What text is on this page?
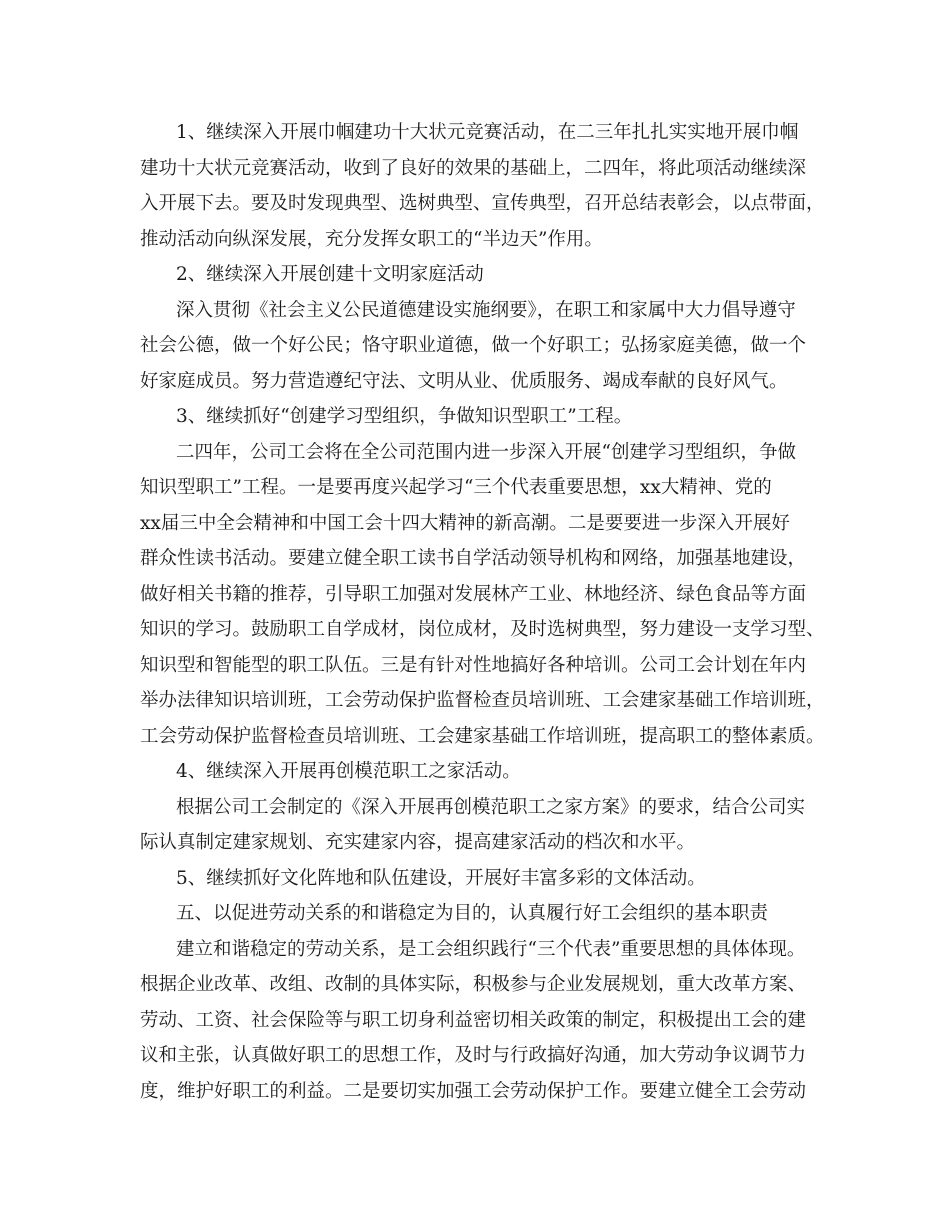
1、继续深入开展巾帼建功十大状元竞赛活动，在二三年扎扎实实地开展巾帼
建功十大状元竞赛活动，收到了良好的效果的基础上，二四年，将此项活动继续深
入开展下去。要及时发现典型、选树典型、宣传典型，召开总结表彰会，以点带面，
推动活动向纵深发展，充分发挥女职工的“半边天”作用。
2、继续深入开展创建十文明家庭活动
深入贯彻《社会主义公民道德建设实施纲要》，在职工和家属中大力倡导遵守
社会公德，做一个好公民；恪守职业道德，做一个好职工；弘扬家庭美德，做一个
好家庭成员。努力营造遵纪守法、文明从业、优质服务、竭成奉献的良好风气。
3、继续抓好“创建学习型组织，争做知识型职工”工程。
二四年，公司工会将在全公司范围内进一步深入开展“创建学习型组织，争做
知识型职工”工程。一是要再度兴起学习“三个代表重要思想，xx大精神、党的
xx届三中全会精神和中国工会十四大精神的新高潮。二是要要进一步深入开展好
群众性读书活动。要建立健全职工读书自学活动领导机构和网络，加强基地建设，
做好相关书籍的推荐，引导职工加强对发展林产工业、林地经济、绿色食品等方面
知识的学习。鼓励职工自学成材，岗位成材，及时选树典型，努力建设一支学习型、
知识型和智能型的职工队伍。三是有针对性地搞好各种培训。公司工会计划在年内
举办法律知识培训班，工会劳动保护监督检查员培训班、工会建家基础工作培训班，
工会劳动保护监督检查员培训班、工会建家基础工作培训班，提高职工的整体素质。
4、继续深入开展再创模范职工之家活动。
根据公司工会制定的《深入开展再创模范职工之家方案》的要求，结合公司实
际认真制定建家规划、充实建家内容，提高建家活动的档次和水平。
5、继续抓好文化阵地和队伍建设，开展好丰富多彩的文体活动。
五、以促进劳动关系的和谐稳定为目的，认真履行好工会组织的基本职责
建立和谐稳定的劳动关系，是工会组织践行“三个代表”重要思想的具体体现。
根据企业改革、改组、改制的具体实际，积极参与企业发展规划，重大改革方案、
劳动、工资、社会保险等与职工切身利益密切相关政策的制定，积极提出工会的建
议和主张，认真做好职工的思想工作，及时与行政搞好沟通，加大劳动争议调节力
度，维护好职工的利益。二是要切实加强工会劳动保护工作。要建立健全工会劳动
